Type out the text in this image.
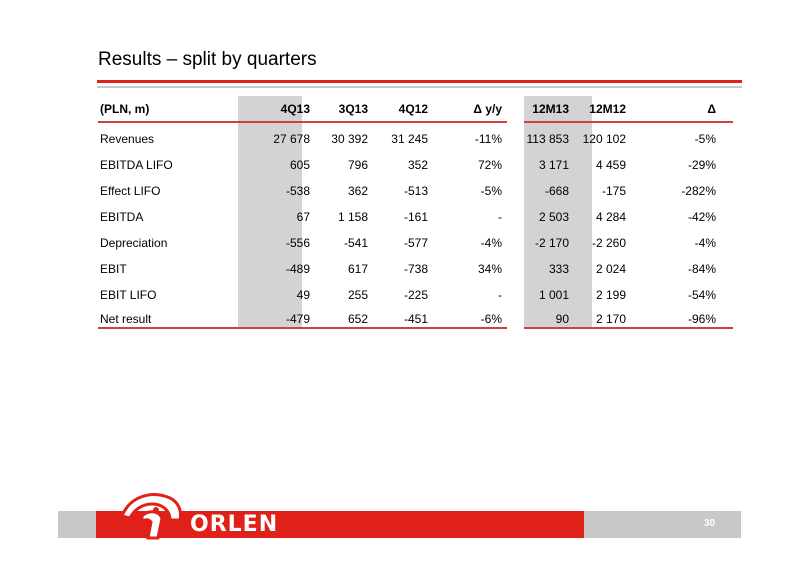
Results – split by quarters
(PLN, m)	4Q13	3Q13	4Q12	Δ y/y	12M13	12M12	Δ

Revenues	27 678	30 392	31 245	-11%	113 853	120 102	-5%
EBITDA LIFO	605	796	352	72%	3 171	4 459	-29%
Effect LIFO	-538	362	-513	-5%	-668	-175	-282%
EBITDA	67	1 158	-161	-	2 503	4 284	-42%
Depreciation	-556	-541	-577	-4%	-2 170	-2 260	-4%
EBIT	-489	617	-738	34%	333	2 024	-84%
EBIT LIFO	49	255	-225	-	1 001	2 199	-54%
Net result	-479	652	-451	-6%	90	2 170	-96%
ORLEN	30
